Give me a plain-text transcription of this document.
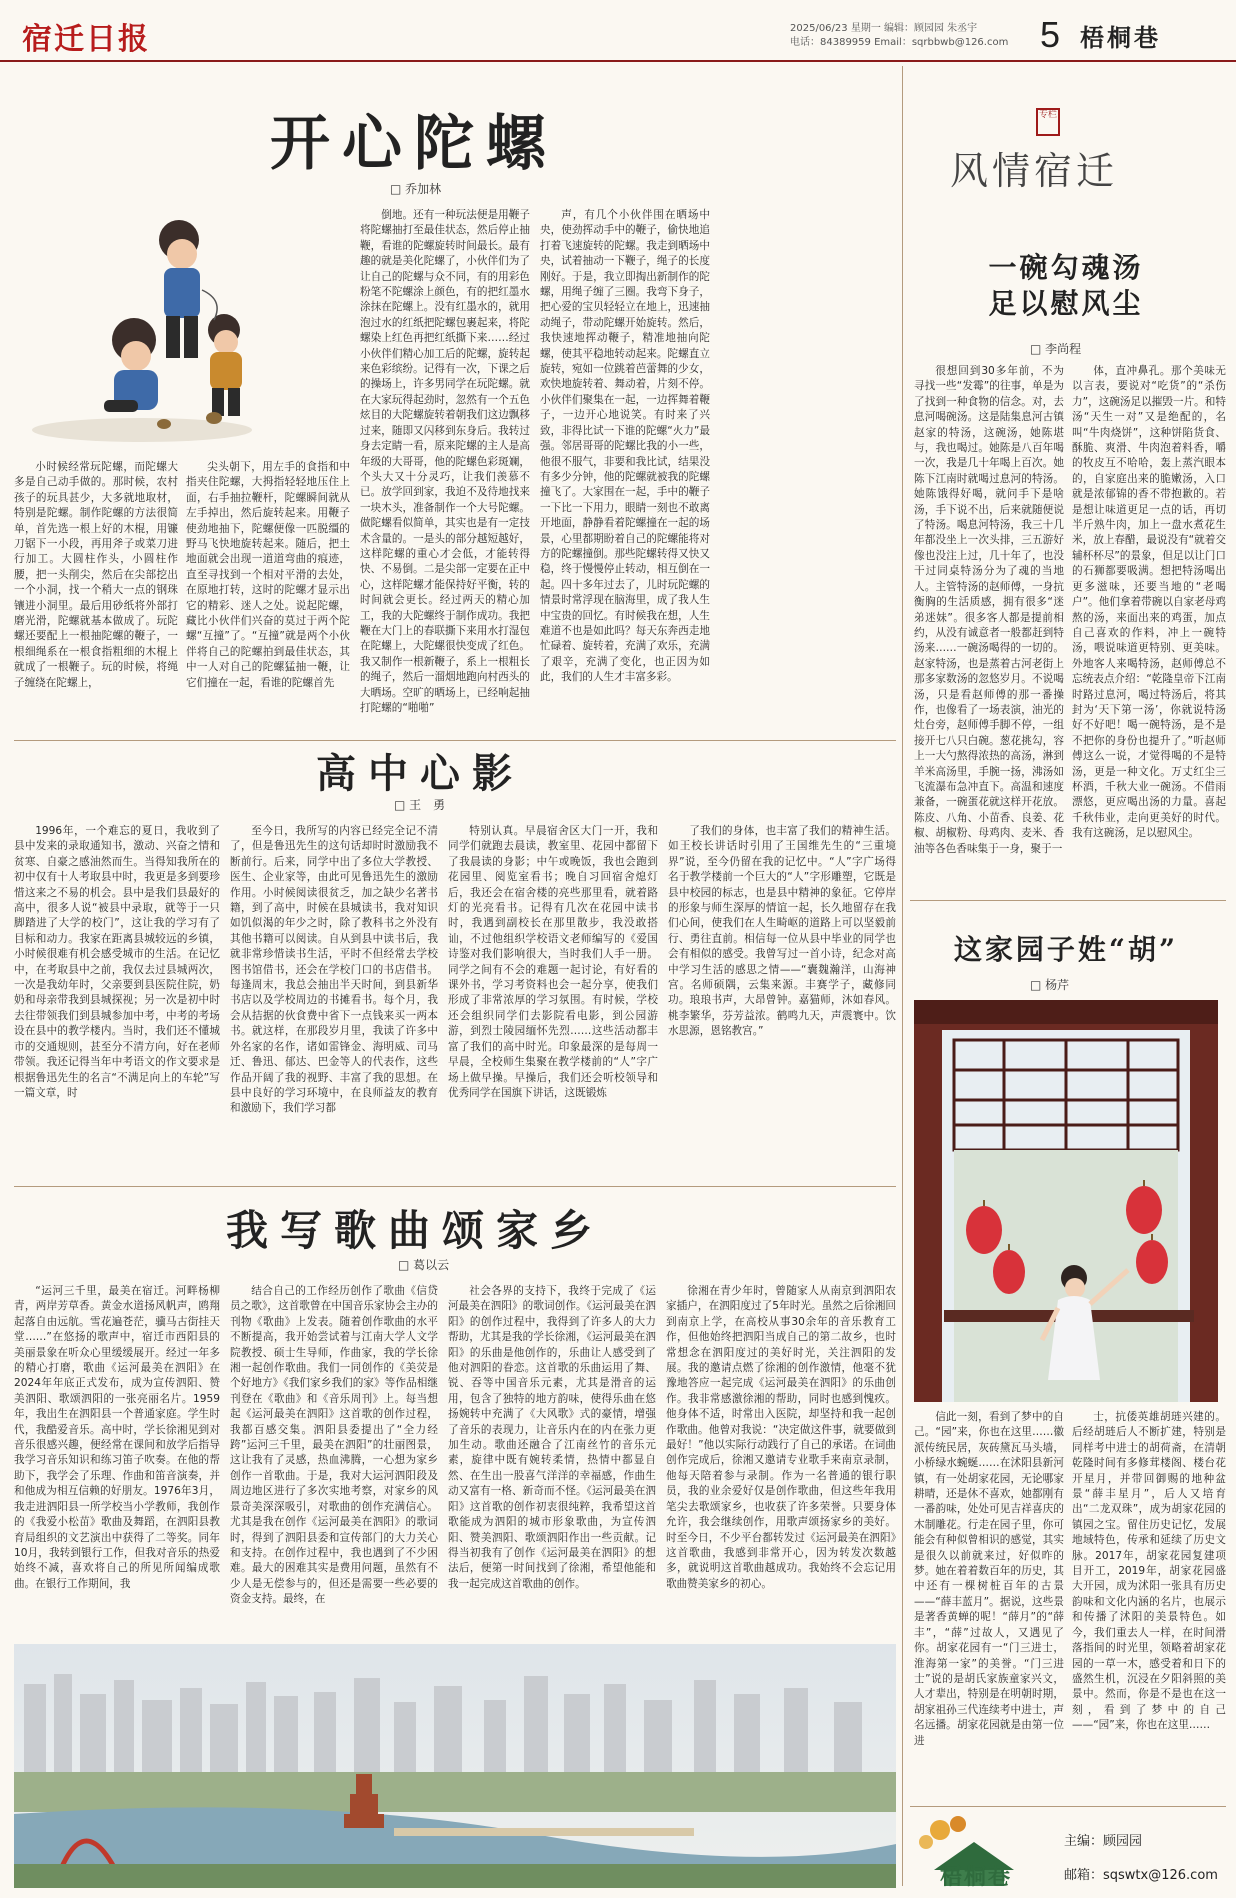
宿迁日报	2025/06/23 星期一 编辑：顾园园 朱丞宇
电话：84389959 Email：sqrbbwb@126.com 5 梧桐巷
开心陀螺
□ 乔加林
小时候经常玩陀螺，而陀螺大多是自己动手做的。那时候，农村孩子的玩具甚少，大多就地取材，特别是陀螺。制作陀螺的方法很简单，首先选一根上好的木棍，用镰刀锯下一小段，再用斧子或菜刀进行加工。大圆柱作头，小圆柱作腰，把一头削尖，然后在尖部挖出一个小洞，找一个稍大一点的钢珠镶进小洞里。最后用砂纸将外部打磨光滑，陀螺就基本做成了。玩陀螺还要配上一根抽陀螺的鞭子，一根细绳系在一根食指粗细的木棍上就成了一根鞭子。玩的时候，将绳子缠绕在陀螺上，
尖头朝下，用左手的食指和中指夹住陀螺，大拇指轻轻地压住上面，右手抽拉鞭杆，陀螺瞬间就从左手掉出，然后旋转起来。用鞭子使劲地抽下，陀螺便像一匹脱缰的野马飞快地旋转起来。随后，把土地面就会出现一道道弯曲的痕迹，直至寻找到一个相对平滑的去处，在原地打转，这时的陀螺才显示出它的精彩、迷人之处。说起陀螺，藏比小伙伴们兴奋的莫过于两个陀螺“互撞”了。“互撞”就是两个小伙伴将自己的陀螺拍到最佳状态，其中一人对自己的陀螺猛抽一鞭，让它们撞在一起，看谁的陀螺首先
倒地。还有一种玩法便是用鞭子将陀螺抽打至最佳状态，然后停止抽鞭，看谁的陀螺旋转时间最长。最有趣的就是美化陀螺了，小伙伴们为了让自己的陀螺与众不同，有的用彩色粉笔不陀螺涂上颜色，有的把红墨水涂抹在陀螺上。没有红墨水的，就用泡过水的红纸把陀螺包裹起来，将陀螺染上红色再把红纸撕下来……经过小伙伴们精心加工后的陀螺，旋转起来色彩缤纷。记得有一次，下课之后的操场上，许多男同学在玩陀螺。就在大家玩得起劲时，忽然有一个五色炫目的大陀螺旋转着朝我们这边飘移过来，随即又闪移到东身后。我转过身去定睛一看，原来陀螺的主人是高年级的大哥哥，他的陀螺色彩斑斓，个头大又十分灵巧，让我们羡慕不已。放学回到家，我迫不及待地找来一块木头，准备制作一个大号陀螺。做陀螺看似简单，其实也是有一定技术含量的。一是头的部分越短越好，这样陀螺的重心才会低，才能转得快、不易倒。二是尖部一定要在正中心，这样陀螺才能保持好平衡，转的时间就会更长。经过两天的精心加工，我的大陀螺终于制作成功。我把鞭在大门上的春联撕下来用水打湿包在陀螺上，大陀螺很快变成了红色。我又制作一根新鞭子，系上一根粗长的绳子，然后一溜烟地跑向村西头的大晒场。空旷的晒场上，已经响起抽打陀螺的“啪啪”
声，有几个小伙伴围在晒场中央，使劲挥动手中的鞭子，偷快地追打着飞速旋转的陀螺。我走到晒场中央，试着抽动一下鞭子，绳子的长度刚好。于是，我立即掏出新制作的陀螺，用绳子缠了三圈。我弯下身子，把心爱的宝贝轻轻立在地上，迅速抽动绳子，带动陀螺开始旋转。然后，我快速地挥动鞭子，精准地抽向陀螺，使其平稳地转动起来。陀螺直立旋转，宛如一位跳着芭蕾舞的少女，欢快地旋转着、舞动着，片刻不停。小伙伴们聚集在一起，一边挥舞着鞭子，一边开心地说笑。有时来了兴致，非得比试一下谁的陀螺“火力”最强。邻居哥哥的陀螺比我的小一些，他很不服气，非要和我比试，结果没有多少分钟，他的陀螺就被我的陀螺撞飞了。大家围在一起，手中的鞭子一下比一下用力，眼睛一刻也不敢离开地面，静静看着陀螺撞在一起的场景，心里都期盼着自己的陀螺能将对方的陀螺撞倒。那些陀螺转得又快又稳，终于慢慢停止转动，相互倒在一起。四十多年过去了，儿时玩陀螺的情景时常浮现在脑海里，成了我人生中宝贵的回忆。有时候我在想，人生难道不也是如此吗？每天东奔西走地忙碌着、旋转着，充满了欢乐，充满了艰辛，充满了变化，也正因为如此，我们的人生才丰富多彩。
高中心影
□ 王　勇
1996年，一个难忘的夏日，我收到了县中发来的录取通知书，激动、兴奋之情和贫寒、自豪之感油然而生。当得知我所在的初中仅有十人考取县中时，我更是多到要珍惜这来之不易的机会。县中是我们县最好的高中，很多人说“被县中录取，就等于一只脚踏进了大学的校门”，这让我的学习有了目标和动力。我家在距离县城较远的乡镇，小时候很难有机会感受城市的生活。在记忆中，在考取县中之前，我仅去过县城两次，一次是我幼年时，父亲要到县医院住院，奶奶和母亲带我到县城探视；另一次是初中时去往带领我们到县城参加中考，中考的考场设在县中的教学楼内。当时，我们还不懂城市的交通规则，甚至分不清方向，好在老师带领。我还记得当年中考语文的作文要求是根据鲁迅先生的名言“不满足向上的车轮”写一篇文章，时
至今日，我所写的内容已经完全记不清了，但是鲁迅先生的这句话却时时激励我不断前行。后来，同学中出了多位大学教授、医生、企业家等，由此可见鲁迅先生的激励作用。小时候阅读很贫乏，加之缺少名著书籍，到了高中，时候在县城读书，我对知识如饥似渴的年少之时，除了教科书之外没有其他书籍可以阅读。自从到县中读书后，我就非常珍惜读书生活，平时不但经常去学校图书馆借书，还会在学校门口的书店借书。每逢周末，我总会抽出半天时间，到县新华书店以及学校周边的书摊看书。每个月，我会从拮据的伙食费中省下一点钱来买一两本书。就这样，在那段岁月里，我读了许多中外名家的名作，诸如雷锋金、海明威、司马迁、鲁迅、郁达、巴金等人的代表作，这些作品开阔了我的视野、丰富了我的思想。在县中良好的学习环境中，在良师益友的教育和激励下，我们学习都
特别认真。早晨宿舍区大门一开，我和同学们就跑去晨读，教室里、花园中都留下了我晨读的身影；中午或晚饭，我也会跑到花园里、阅览室看书；晚自习回宿舍熄灯后，我还会在宿舍楼的亮些那里看，就着路灯的光亮看书。记得有几次在花园中读书时，我遇到副校长在那里散步，我没敢搭讪，不过他组织学校语文老师编写的《爱国诗鉴对我们影响很大，当时我们人手一册。同学之间有不会的难题一起讨论，有好看的课外书，学习考资料也会一起分享，使我们形成了非常浓厚的学习氛围。有时候，学校还会组织同学们去影院看电影，到公园游游，到烈士陵园缅怀先烈……这些活动都丰富了我们的高中时光。印象最深的是每周一早晨，全校师生集聚在教学楼前的“人”字广场上做早操。早操后，我们还会听校领导和优秀同学在国旗下讲话，这既锻炼
了我们的身体，也丰富了我们的精神生活。如王校长讲话时引用了王国维先生的“三重境界”说，至今仍留在我的记忆中。“人”字广场得名于教学楼前一个巨大的“人”字形雕塑，它既是县中校园的标志，也是县中精神的象征。它停岸的形象与师生深厚的情谊一起，长久地留存在我们心间，使我们在人生畸岖的道路上可以坚毅前行、勇往直前。相信每一位从县中毕业的同学也会有相似的感受。我曾写过一首小诗，纪念对高中学习生活的感思之情——“囊魏瀚洋，山海神宫。名师硕隅，云集来源。丰赛学子，藏修同功。琅琅书声，大昂曾钟。嘉猫师，沐如春风。桃李繁华，芬芳益浓。鹤鸣九天，声震寰中。饮水思源，恩铭教宫。”
我写歌曲颂家乡
□ 葛以云
“运河三千里，最美在宿迁。河畔杨柳青，两岸芳草香。黄金水道扬风帆声，鸥翔起落自由远航。雪花遍苍茫，骥马古街挂天堂……”在悠扬的歌声中，宿迁市西阳县的美丽景象在听众心里缓缓展开。经过一年多的精心打磨，歌曲《运河最美在泗阳》在2024年年底正式发布，成为宣传泗阳、赞美泗阳、歌颂泗阳的一张亮丽名片。1959年，我出生在泗阳县一个普通家庭。学生时代，我酷爱音乐。高中时，学长徐湘见到对音乐很感兴趣，便经常在课间和放学后指导我学习音乐知识和练习笛子吹奏。在他的帮助下，我学会了乐理、作曲和笛音演奏，并和他成为相互信赖的好朋友。1976年3月，我走进泗阳县一所学校当小学教师，我创作的《我爱小松苗》歌曲及舞蹈，在泗阳县教育局组织的文艺演出中获得了二等奖。同年10月，我转到银行工作，但我对音乐的热爱始终不减，喜欢将自己的所见所闻编成歌曲。在银行工作期间，我
结合自己的工作经历创作了歌曲《信贷员之歌》，这首歌曾在中国音乐家协会主办的刊物《歌曲》上发表。随着创作歌曲的水平不断提高，我开始尝试着与江南大学人文学院教授、硕士生导师，作曲家，我的学长徐湘一起创作歌曲。我们一同创作的《美荧是个好地方》《我们家乡我们的家》等作品相继刊登在《歌曲》和《音乐周刊》上。每当想起《运河最美在泗阳》这首歌的创作过程，我都百感交集。泗阳县委提出了“全力经跨”运河三千里，最美在泗阳”的壮丽图景，这让我有了灵感，热血沸腾，一心想为家乡创作一首歌曲。于是，我对大运河泗阳段及周边地区进行了多次实地考察，对家乡的风景奇美深深吸引，对歌曲的创作充满信心。尤其是我在创作《运河最美在泗阳》的歌词时，得到了泗阳县委和宣传部门的大力关心和支持。在创作过程中，我也遇到了不少困难。最大的困难其实是费用问题，虽然有不少人是无偿参与的，但还是需要一些必要的资金支持。最终，在
社会各界的支持下，我终于完成了《运河最美在泗阳》的歌词创作。《运河最美在泗阳》的创作过程中，我得到了许多人的大力帮助，尤其是我的学长徐湘，《运河最美在泗阳》的乐曲是他创作的，乐曲让人感受到了他对泗阳的眷恋。这首歌的乐曲运用了舞、锐、吞等中国音乐元素，尤其是滑音的运用，包含了独特的地方韵味，使得乐曲在悠扬婉转中充满了《大风歌》式的豪情，增强了音乐的表现力，让音乐内在的内在张力更加生动。歌曲还融合了江南丝竹的音乐元素，旋律中既有婉转柔情，热情中都显自然、在生出一股喜气洋洋的幸福感，作曲生动又富有一格、新奇而不怪。《运河最美在泗阳》这首歌的创作初衷很纯粹，我希望这首歌能成为泗阳的城市形象歌曲，为宣传泗阳、赞美泗阳、歌颂泗阳作出一些贡献。记得当初我有了创作《运河最美在泗阳》的想法后，便第一时间找到了徐湘，希望他能和我一起完成这首歌曲的创作。
徐湘在青少年时，曾随家人从南京到泗阳农家插户，在泗阳度过了5年时光。虽然之后徐湘回到南京上学，在高校从事30余年的音乐教育工作，但他始终把泗阳当成自己的第二故乡，也时常想念在泗阳度过的美好时光，关注泗阳的发展。我的邀请点燃了徐湘的创作激情，他毫不犹豫地答应一起完成《运河最美在泗阳》的乐曲创作。我非常感激徐湘的帮助，同时也感到愧疚。他身体不适，时常出入医院，却坚持和我一起创作歌曲。他曾对我说：“决定做这件事，就要做到最好！”他以实际行动践行了自己的承诺。在词曲创作完成后，徐湘又邀请专业歌手来南京录制，他每天陪着参与录制。作为一名普通的银行职员，我的业余爱好仅是创作歌曲，但这些年我用笔尖去歌颂家乡，也收获了许多荣誉。只要身体允许，我会继续创作，用歌声颂扬家乡的美好。时至今日，不少平台都转发过《运河最美在泗阳》这首歌曲，我感到非常开心，因为转发次数越多，就说明这首歌曲越成功。我始终不会忘记用歌曲赞美家乡的初心。
专栏
风情宿迁
一碗勾魂汤
足以慰风尘
□ 李尚程
很想回到30多年前，不为寻找一些“发霉”的往事，单是为了找到一种食物的信念。对，去息河喝碗汤。这是陆集息河古镇赵家的特汤，这碗汤，她陈堪与，我也喝过。她陈是八百年喝一次，我是几十年喝上百次。她陈下江南时就喝过息河的特汤。她陈饿得好喝，就问手下是啥汤，手下说不出，后来就随便说了特汤。喝息河特汤，我三十几年都没坐上一次头排，三五游好像也没注上过，几十年了，也没干过同桌特汤分为了魂的当地人。主管特汤的赵师傅，一身抗衡胸的生活质感，拥有很多“迷弟迷妹”。很多客人都是提前相约，从没有诚意者一般都赶到特汤来……一碗汤喝得的一切的。赵家特汤，也是蒸着古河老街上那多家数汤的忽悠岁月。不说喝汤，只是看赵师傅的那一番操作，也像看了一场表演，油光的灶台旁，赵师傅手脚不停，一组接开七八只白碗。葱花挑勾，容上一大勺熬得浓热的高汤，淋到羊米高汤里，手腕一扬，沸汤如飞流瀑布急冲直下。高温和速度兼备，一碗蛋花就这样开花放。陈皮、八角、小苗香、良姜、花椒、胡椒粉、母鸡肉、麦米、香油等各色香味集于一身，聚于一
体，直冲鼻孔。那个美味无以言表，要说对“吃货”的“杀伤力”，这碗汤足以摧毁一片。和特汤“天生一对”又是绝配的，名叫“牛肉烧饼”，这种饼陷货食、酥脆、爽滑、牛肉泡着料香，嚼的牧皮互不哈哈，轰上蒸汽眼本的，自家庭出来的脆嫩汤，入口就是浓郁锦的香不带抱歉的。若是想让味道更足一点的话，再切半斤熟牛肉，加上一盘水煮花生米，放上春醋，最说没有“就着交辅杯杯尽”的景象，但足以让门口的石狮都要吸满。想把特汤喝出更多滋味，还要当地的“老喝户”。他们拿着带碗以自家老母鸡熬的汤，来面出来的鸡蛋，加点自己喜欢的作料，冲上一碗特汤，喂说味道更特别、更美味。外地客人来喝特汤，赵师傅总不忘统表点介绍：“乾隆皇帝下江南时路过息河，喝过特汤后，将其封为‘天下第一汤’，你就说特汤好不好吧！喝一碗特汤，是不是不把你的身份也提升了。”听赵师傅这么一说，才觉得喝的不是特汤，更是一种文化。万丈红尘三杯酒，千秋大业一碗汤。不借雨漂悠，更应喝出汤的力量。喜起千秋伟业，走向更美好的时代。我有这碗汤，足以慰风尘。
这家园子姓“胡”
□ 杨芹
信此一刻，看到了梦中的自己。“园”来，你也在这里……徽派传统民居，灰砖黛瓦马头墙，小桥绿水蜿蜒……在沭阳县新河镇，有一处胡家花园，无论哪家耕晴，还是休不喜欢，她都刚有一番韵味，处处可见吉祥喜庆的木制雕花。行走在园子里，你可能会有种似曾相识的感觉，其实是很久以前就来过，好似昨的梦。她在着着数百年的历史，其中还有一棵树桩百年的古景——“薛丰蓝月”。据说，这些景是著香黄蝉的呢！“薛月”的“薛丰”，“薛”过故人，又遇见了你。胡家花园有一“门三进士，淮海第一家”的美誉。“门三进士”说的是胡氏家族童家兴文，人才辈出，特别是在明朝时期，胡家祖孙三代连续考中进士，声名远播。胡家花园就是由第一位进
士，抗倭英雄胡琏兴建的。后经胡琏后人不断扩建，特别是同样考中进士的胡荷斋，在清朝乾隆时间有多修茸楼阁、楼台花开星月，并带回御赐的地种盆景“薛丰星月”，后人又培育出“二龙双珠”，成为胡家花园的镇园之宝。留住历史记忆，发展地域特色，传承和延续了历史文脉。2017年，胡家花园复建项目开工，2019年，胡家花园盛大开园，成为沭阳一张具有历史韵味和文化内涵的名片，也展示和传播了沭阳的美景特色。如今，我们重去人一样，在时间滑落指间的时光里，领略着胡家花园的一草一木，感受着和日下的盛然生机，沉浸在夕阳斜照的美景中。然而，你是不是也在这一刻，看到了梦中的自己——“园”来，你也在这里……
梧桐巷
主编：顾园园
邮箱：sqswtx@126.com
